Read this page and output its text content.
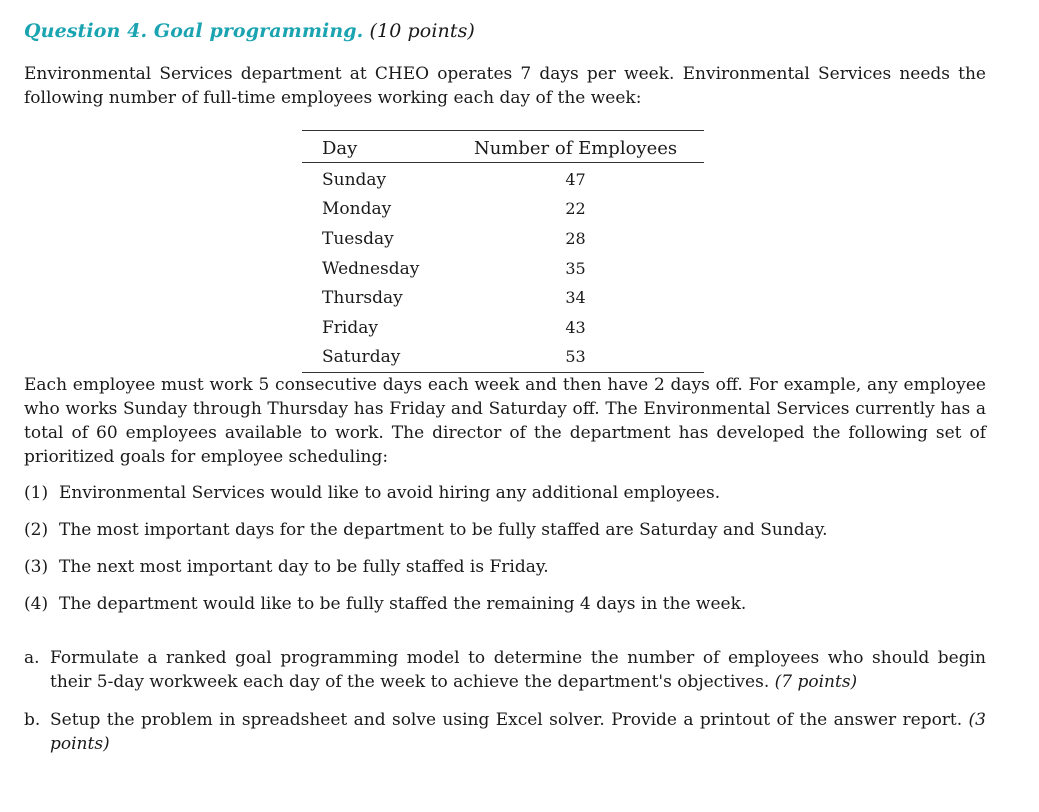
Question 4. Goal programming. (10 points)

Environmental Services department at CHEO operates 7 days per week. Environmental Services needs the following number of full-time employees working each day of the week:

Day	Number of Employees
Sunday	47
Monday	22
Tuesday	28
Wednesday	35
Thursday	34
Friday	43
Saturday	53

Each employee must work 5 consecutive days each week and then have 2 days off. For example, any employee who works Sunday through Thursday has Friday and Saturday off. The Environmental Services currently has a total of 60 employees available to work. The director of the department has developed the following set of prioritized goals for employee scheduling:

(1) Environmental Services would like to avoid hiring any additional employees.
(2) The most important days for the department to be fully staffed are Saturday and Sunday.
(3) The next most important day to be fully staffed is Friday.
(4) The department would like to be fully staffed the remaining 4 days in the week.
a. Formulate a ranked goal programming model to determine the number of employees who should begin their 5-day workweek each day of the week to achieve the department's objectives. (7 points)
b. Setup the problem in spreadsheet and solve using Excel solver. Provide a printout of the answer report. (3 points)
